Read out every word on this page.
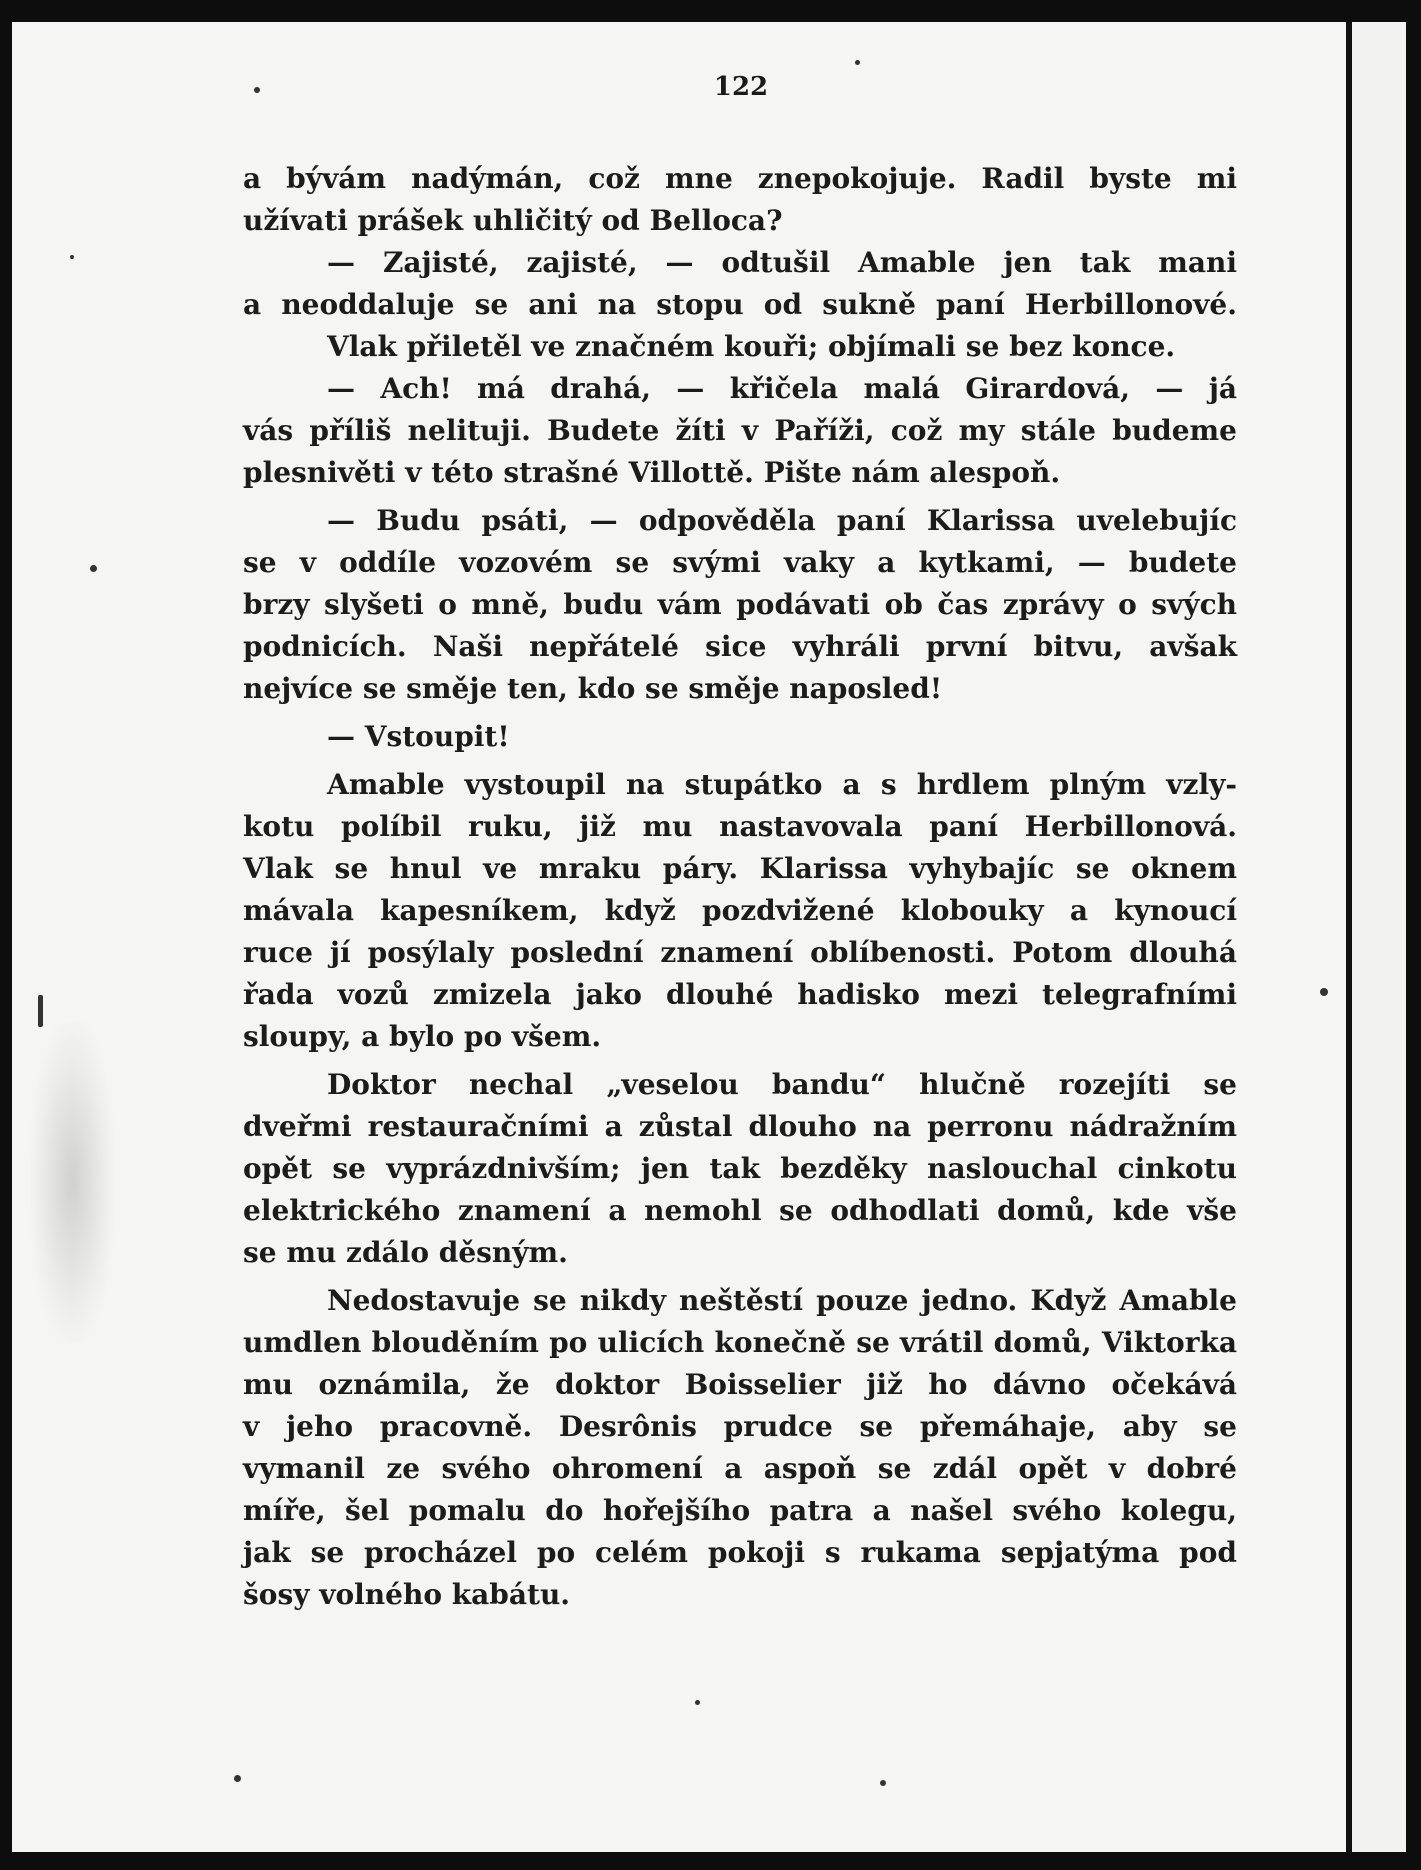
122
a bývám nadýmán, což mne znepokojuje. Radil byste mi
užívati prášek uhličitý od Belloca?
— Zajisté, zajisté, — odtušil Amable jen tak mani
a neoddaluje se ani na stopu od sukně paní Herbillonové.
Vlak přiletěl ve značném kouři; objímali se bez konce.
— Ach! má drahá, — křičela malá Girardová, — já
vás příliš nelituji. Budete žíti v Paříži, což my stále budeme
plesnivěti v této strašné Villottě. Pište nám alespoň.
— Budu psáti, — odpověděla paní Klarissa uvelebujíc
se v oddíle vozovém se svými vaky a kytkami, — budete
brzy slyšeti o mně, budu vám podávati ob čas zprávy o svých
podnicích. Naši nepřátelé sice vyhráli první bitvu, avšak
nejvíce se směje ten, kdo se směje naposled!
— Vstoupit!
Amable vystoupil na stupátko a s hrdlem plným vzly-
kotu políbil ruku, již mu nastavovala paní Herbillonová.
Vlak se hnul ve mraku páry. Klarissa vyhybajíc se oknem
mávala kapesníkem, když pozdvižené klobouky a kynoucí
ruce jí posýlaly poslední znamení oblíbenosti. Potom dlouhá
řada vozů zmizela jako dlouhé hadisko mezi telegrafními
sloupy, a bylo po všem.
Doktor nechal „veselou bandu“ hlučně rozejíti se
dveřmi restauračními a zůstal dlouho na perronu nádražním
opět se vyprázdnivším; jen tak bezděky naslouchal cinkotu
elektrického znamení a nemohl se odhodlati domů, kde vše
se mu zdálo děsným.
Nedostavuje se nikdy neštěstí pouze jedno. Když Amable
umdlen blouděním po ulicích konečně se vrátil domů, Viktorka
mu oznámila, že doktor Boisselier již ho dávno očekává
v jeho pracovně. Desrônis prudce se přemáhaje, aby se
vymanil ze svého ohromení a aspoň se zdál opět v dobré
míře, šel pomalu do hořejšího patra a našel svého kolegu,
jak se procházel po celém pokoji s rukama sepjatýma pod
šosy volného kabátu.
